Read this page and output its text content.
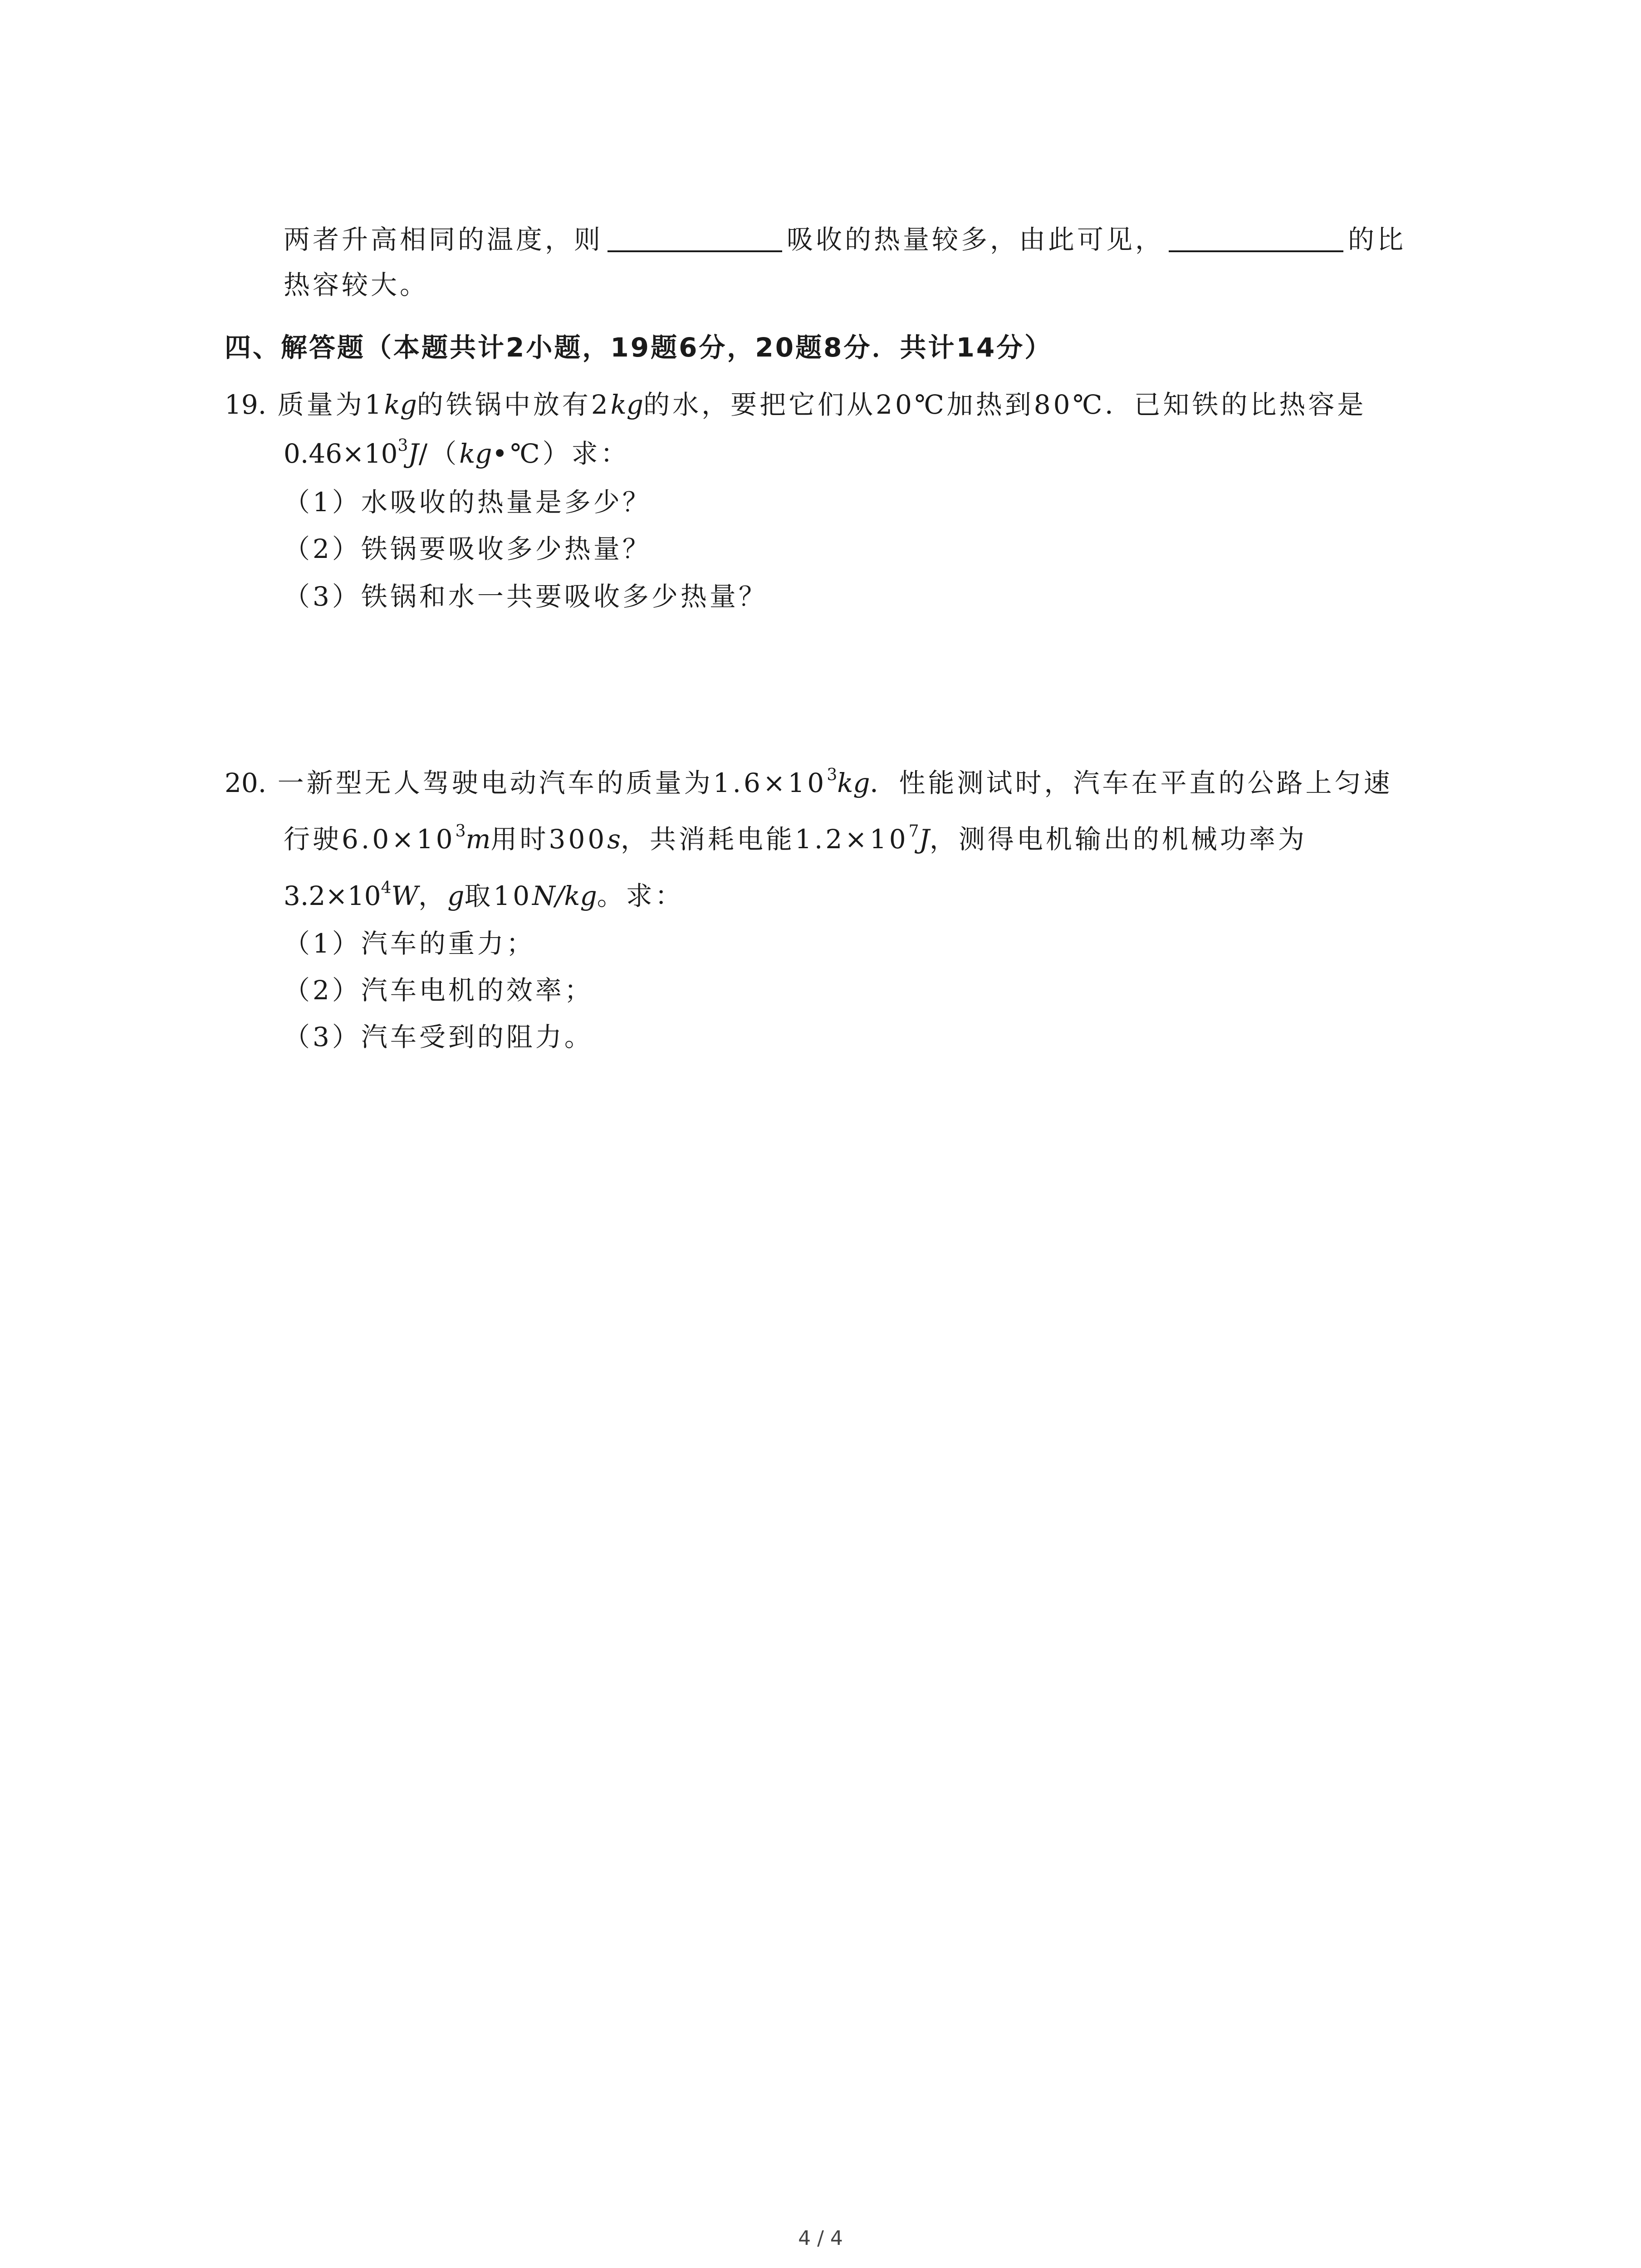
两者升高相同的温度，则	吸收的热量较多，由此可见，	的比
热容较大。
四、解答题（本题共计2小题，19题6分，20题8分．共计14分）
19. 质量为1kg的铁锅中放有2kg的水，要把它们从20℃加热到80℃．已知铁的比热容是
$0.46\times 10^3J/(kg•℃)$求：
（1）水吸收的热量是多少？
（2）铁锅要吸收多少热量？
（3）铁锅和水一共要吸收多少热量？
20. 一新型无人驾驶电动汽车的质量为$1.6\times 10^3kg$．性能测试时，汽车在平直的公路上匀速
行驶$6.0\times 10^3m$用时300s，共消耗电能$1.2\times 10^7J$，测得电机输出的机械功率为
$3.2\times 10^4W$，g取10N/kg。求：
（1）汽车的重力；
（2）汽车电机的效率；
（3）汽车受到的阻力。
4 / 4
